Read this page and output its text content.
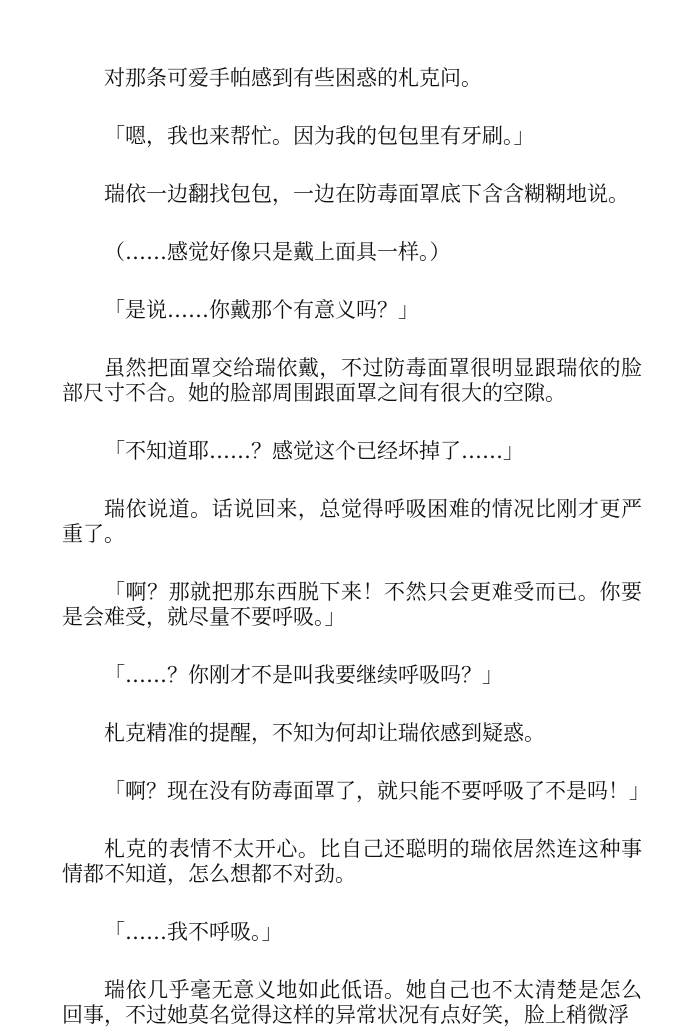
对那条可爱手帕感到有些困惑的札克问。

「嗯，我也来帮忙。因为我的包包里有牙刷。」

瑞依一边翻找包包，一边在防毒面罩底下含含糊糊地说。

（……感觉好像只是戴上面具一样。）

「是说……你戴那个有意义吗？」

虽然把面罩交给瑞依戴，不过防毒面罩很明显跟瑞依的脸部尺寸不合。她的脸部周围跟面罩之间有很大的空隙。

「不知道耶……？感觉这个已经坏掉了……」

瑞依说道。话说回来，总觉得呼吸困难的情况比刚才更严重了。

「啊？那就把那东西脱下来！不然只会更难受而已。你要是会难受，就尽量不要呼吸。」

「……？你刚才不是叫我要继续呼吸吗？」

札克精准的提醒，不知为何却让瑞依感到疑惑。

「啊？现在没有防毒面罩了，就只能不要呼吸了不是吗！」

札克的表情不太开心。比自己还聪明的瑞依居然连这种事情都不知道，怎么想都不对劲。

「……我不呼吸。」

瑞依几乎毫无意义地如此低语。她自己也不太清楚是怎么回事，不过她莫名觉得这样的异常状况有点好笑，脸上稍微浮
